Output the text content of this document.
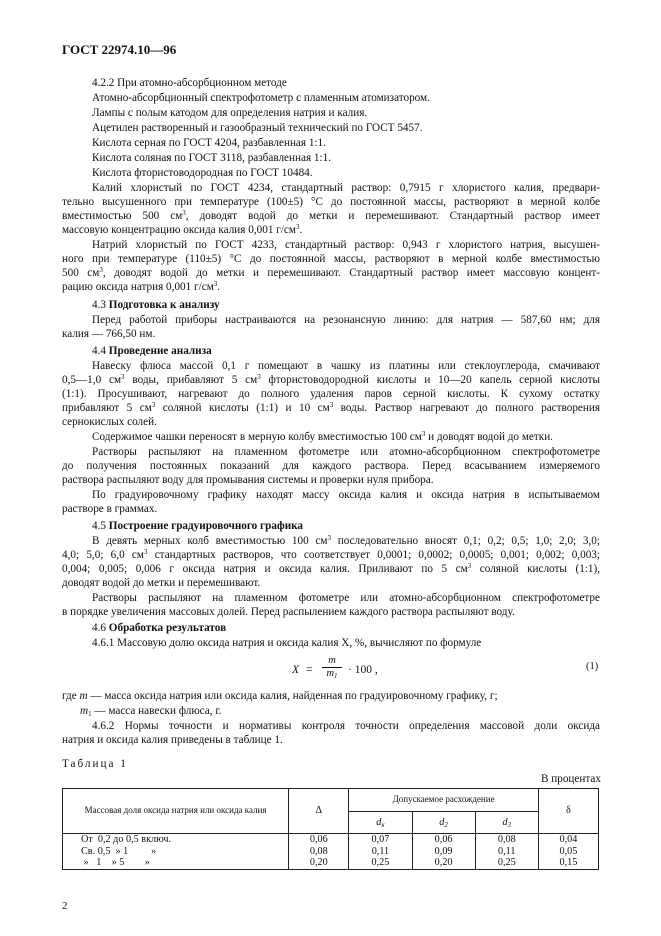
ГОСТ 22974.10—96
4.2.2 При атомно-абсорбционном методе
Атомно-абсорбционный спектрофотометр с пламенным атомизатором.
Лампы с полым катодом для определения натрия и калия.
Ацетилен растворенный и газообразный технический по ГОСТ 5457.
Кислота серная по ГОСТ 4204, разбавленная 1:1.
Кислота соляная по ГОСТ 3118, разбавленная 1:1.
Кислота фтористоводородная по ГОСТ 10484.
Калий хлористый по ГОСТ 4234, стандартный раствор: 0,7915 г хлористого калия, предвари-
тельно высушенного при температуре (100±5) °С до постоянной массы, растворяют в мерной колбе
вместимостью 500 $см^3$, доводят водой до метки и перемешивают. Стандартный раствор имеет
массовую концентрацию оксида калия 0,001 $г/см^3$.
Натрий хлористый по ГОСТ 4233, стандартный раствор: 0,943 г хлористого натрия, высушен-
ного при температуре (110±5) °С до постоянной массы, растворяют в мерной колбе вместимостью
500 $см^3$, доводят водой до метки и перемешивают. Стандартный раствор имеет массовую концент-
рацию оксида натрия 0,001 $г/см^3$.
4.3 Подготовка к анализу
Перед работой приборы настраиваются на резонансную линию: для натрия — 587,60 нм; для
калия — 766,50 нм.
4.4 Проведение анализа
Навеску флюса массой 0,1 г помещают в чашку из платины или стеклоуглерода, смачивают
0,5—1,0 $см^3$ воды, прибавляют 5 $см^3$ фтористоводородной кислоты и 10—20 капель серной кислоты
(1:1). Просушивают, нагревают до полного удаления паров серной кислоты. К сухому остатку
прибавляют 5 $см^3$ соляной кислоты (1:1) и 10 $см^3$ воды. Раствор нагревают до полного растворения
сернокислых солей.
Содержимое чашки переносят в мерную колбу вместимостью 100 $см^3$ и доводят водой до метки.
Растворы распыляют на пламенном фотометре или атомно-абсорбционном спектрофотометре
до получения постоянных показаний для каждого раствора. Перед всасыванием измеряемого
раствора распыляют воду для промывания системы и проверки нуля прибора.
По градуировочному графику находят массу оксида калия и оксида натрия в испытываемом
растворе в граммах.
4.5 Построение градуировочного графика
В девять мерных колб вместимостью 100 $см^3$ последовательно вносят 0,1; 0,2; 0,5; 1,0; 2,0; 3,0;
4,0; 5,0; 6,0 $см^3$ стандартных растворов, что соответствует 0,0001; 0,0002; 0,0005; 0,001; 0,002; 0,003;
0,004; 0,005; 0,006 г оксида натрия и оксида калия. Приливают по 5 $см^3$ соляной кислоты (1:1),
доводят водой до метки и перемешивают.
Растворы распыляют на пламенном фотометре или атомно-абсорбционном спектрофотометре
в порядке увеличения массовых долей. Перед распылением каждого раствора распыляют воду.
4.6 Обработка результатов
4.6.1 Массовую долю оксида натрия и оксида калия X, %, вычисляют по формуле
$X = \frac{m}{m_1} \cdot 100$ ,	(1)
где m — масса оксида натрия или оксида калия, найденная по градуировочному графику, г;
$m_1$ — масса навески флюса, г.
4.6.2 Нормы точности и нормативы контроля точности определения массовой доли оксида
натрия и оксида калия приведены в таблице 1.
Таблица 1
В процентах
Массовая доля оксида натрия или оксида калия	Δ	Допускаемое расхождение			δ
		$d_к$	$d_2$	$d_3$
От  0,2 до 0,5 включ.	0,06	0,07	0,06	0,08	0,04
Св. 0,5  » 1         »	0,08	0,11	0,09	0,11	0,05
»   1    » 5        »	0,20	0,25	0,20	0,25	0,15
2
